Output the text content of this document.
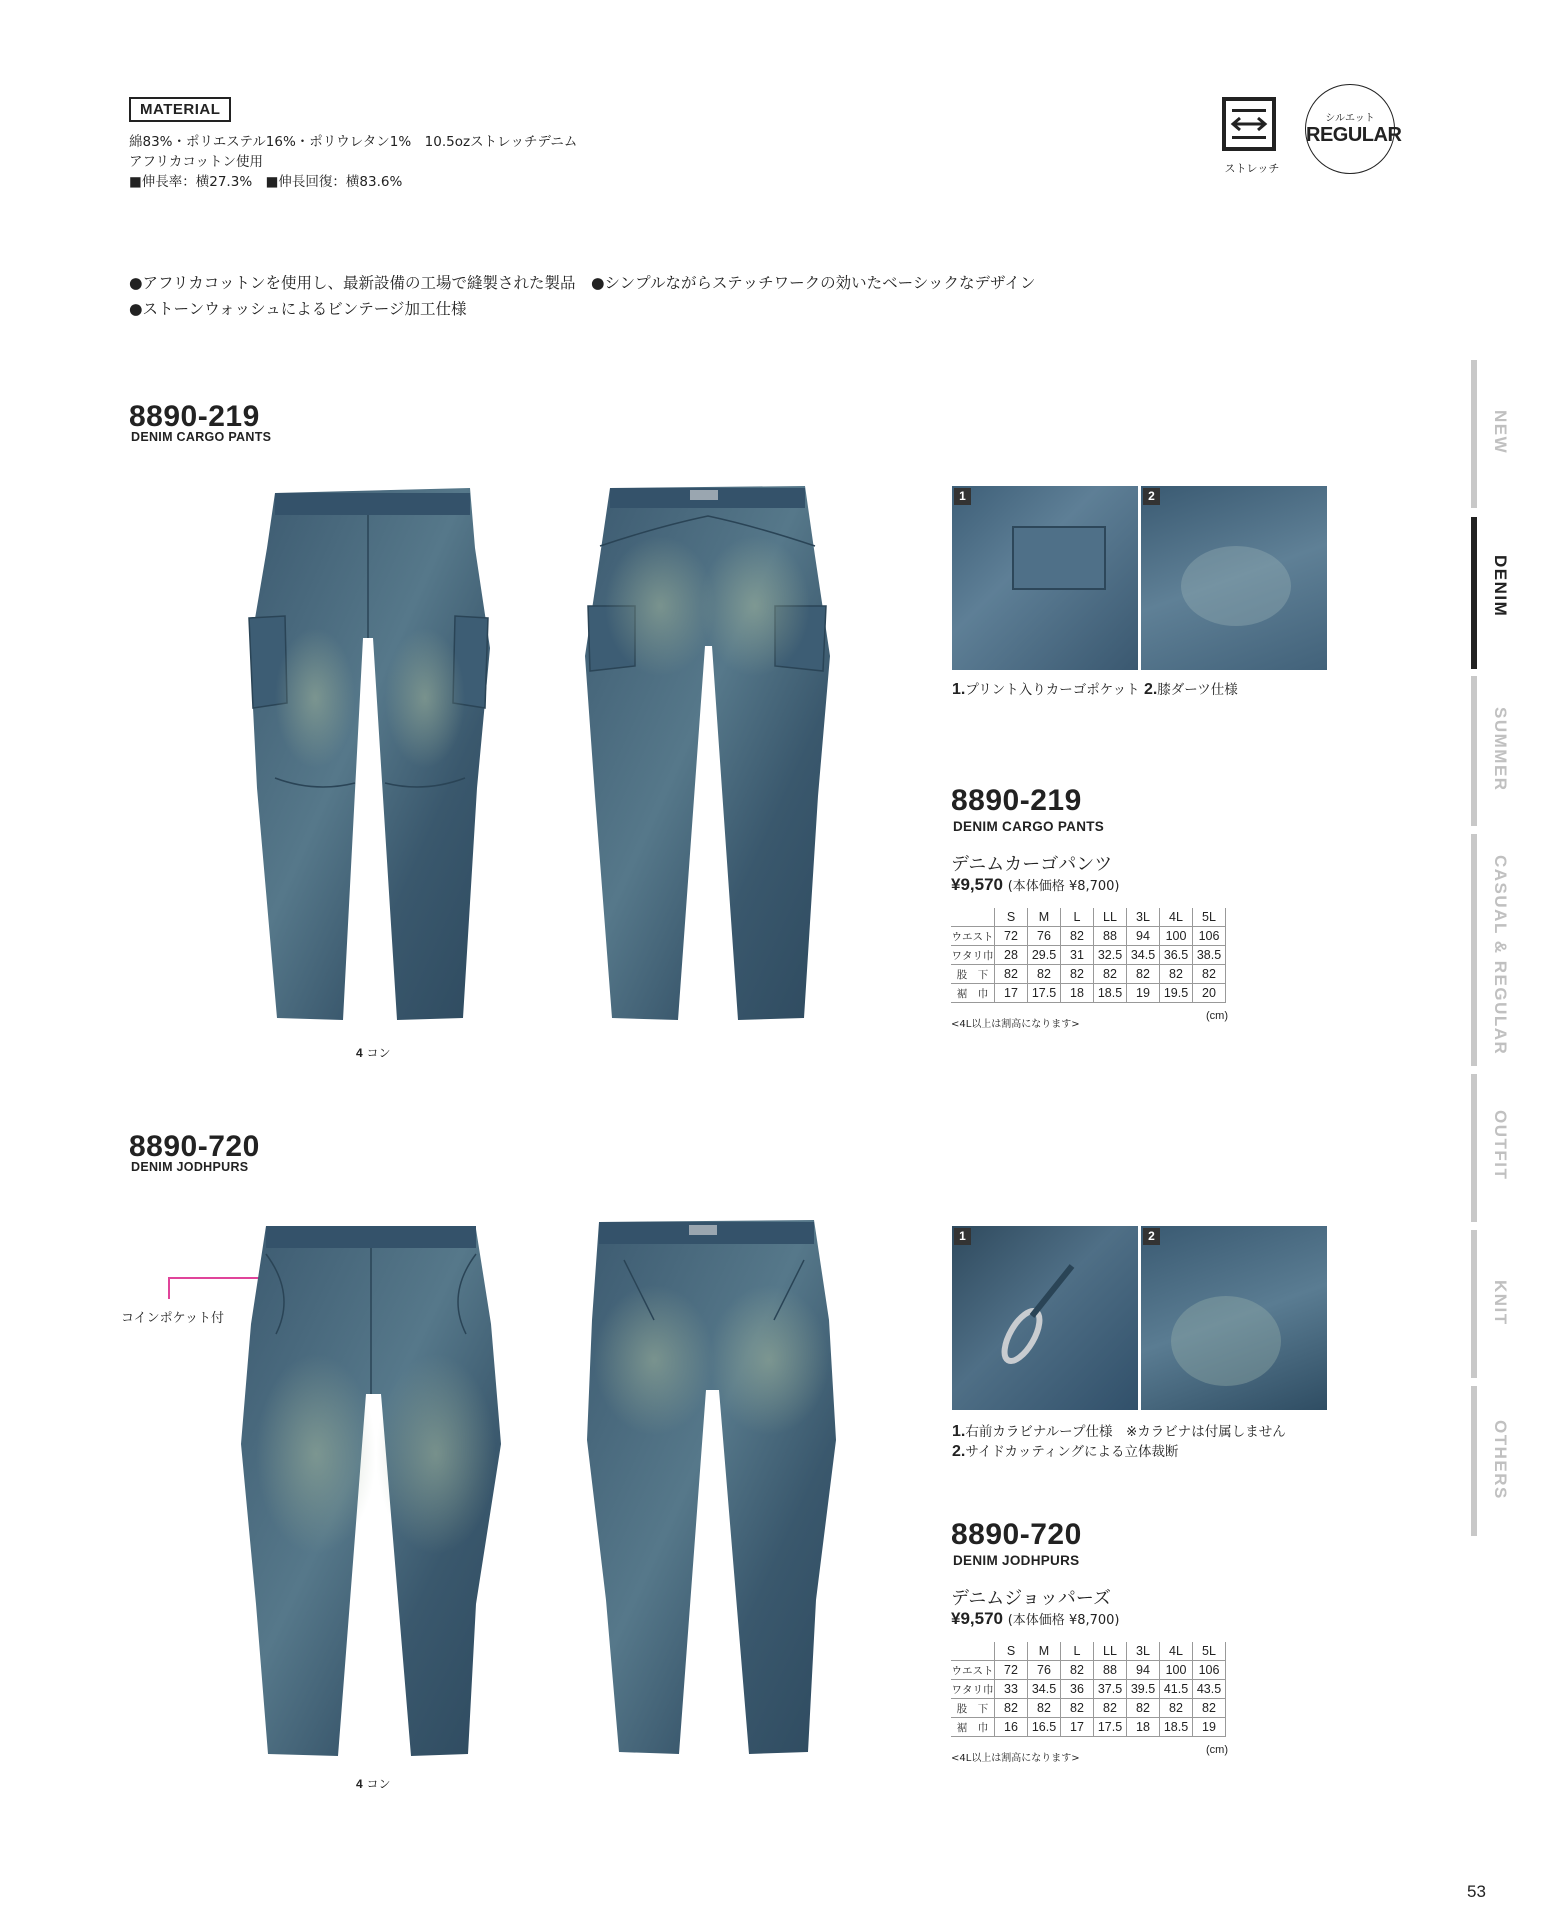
MATERIAL
綿83%・ポリエステル16%・ポリウレタン1%　10.5ozストレッチデニム
アフリカコットン使用
■伸長率：横27.3%　■伸長回復：横83.6%
ストレッチ
シルエット
REGULAR
●アフリカコットンを使用し、最新設備の工場で縫製された製品　●シンプルながらステッチワークの効いたベーシックなデザイン
●ストーンウォッシュによるビンテージ加工仕様
8890-219
DENIM CARGO PANTS
4 コン
1	2
1.プリント入りカーゴポケット 2.膝ダーツ仕様
8890-219
DENIM CARGO PANTS
デニムカーゴパンツ
¥9,570 (本体価格 ¥8,700)
	S	M	L	LL	3L	4L	5L
ウエスト	72	76	82	88	94	100	106
ワタリ巾	28	29.5	31	32.5	34.5	36.5	38.5
股　下	82	82	82	82	82	82	82
裾　巾	17	17.5	18	18.5	19	19.5	20
<4L以上は割高になります>
(cm)
8890-720
DENIM JODHPURS
コインポケット付
4 コン
1	2
1.右前カラビナループ仕様　※カラビナは付属しません
2.サイドカッティングによる立体裁断
8890-720
DENIM JODHPURS
デニムジョッパーズ
¥9,570 (本体価格 ¥8,700)
	S	M	L	LL	3L	4L	5L
ウエスト	72	76	82	88	94	100	106
ワタリ巾	33	34.5	36	37.5	39.5	41.5	43.5
股　下	82	82	82	82	82	82	82
裾　巾	16	16.5	17	17.5	18	18.5	19
<4L以上は割高になります>
(cm)
NEW
DENIM
SUMMER
CASUAL & REGULAR
OUTFIT
KNIT
OTHERS
53
